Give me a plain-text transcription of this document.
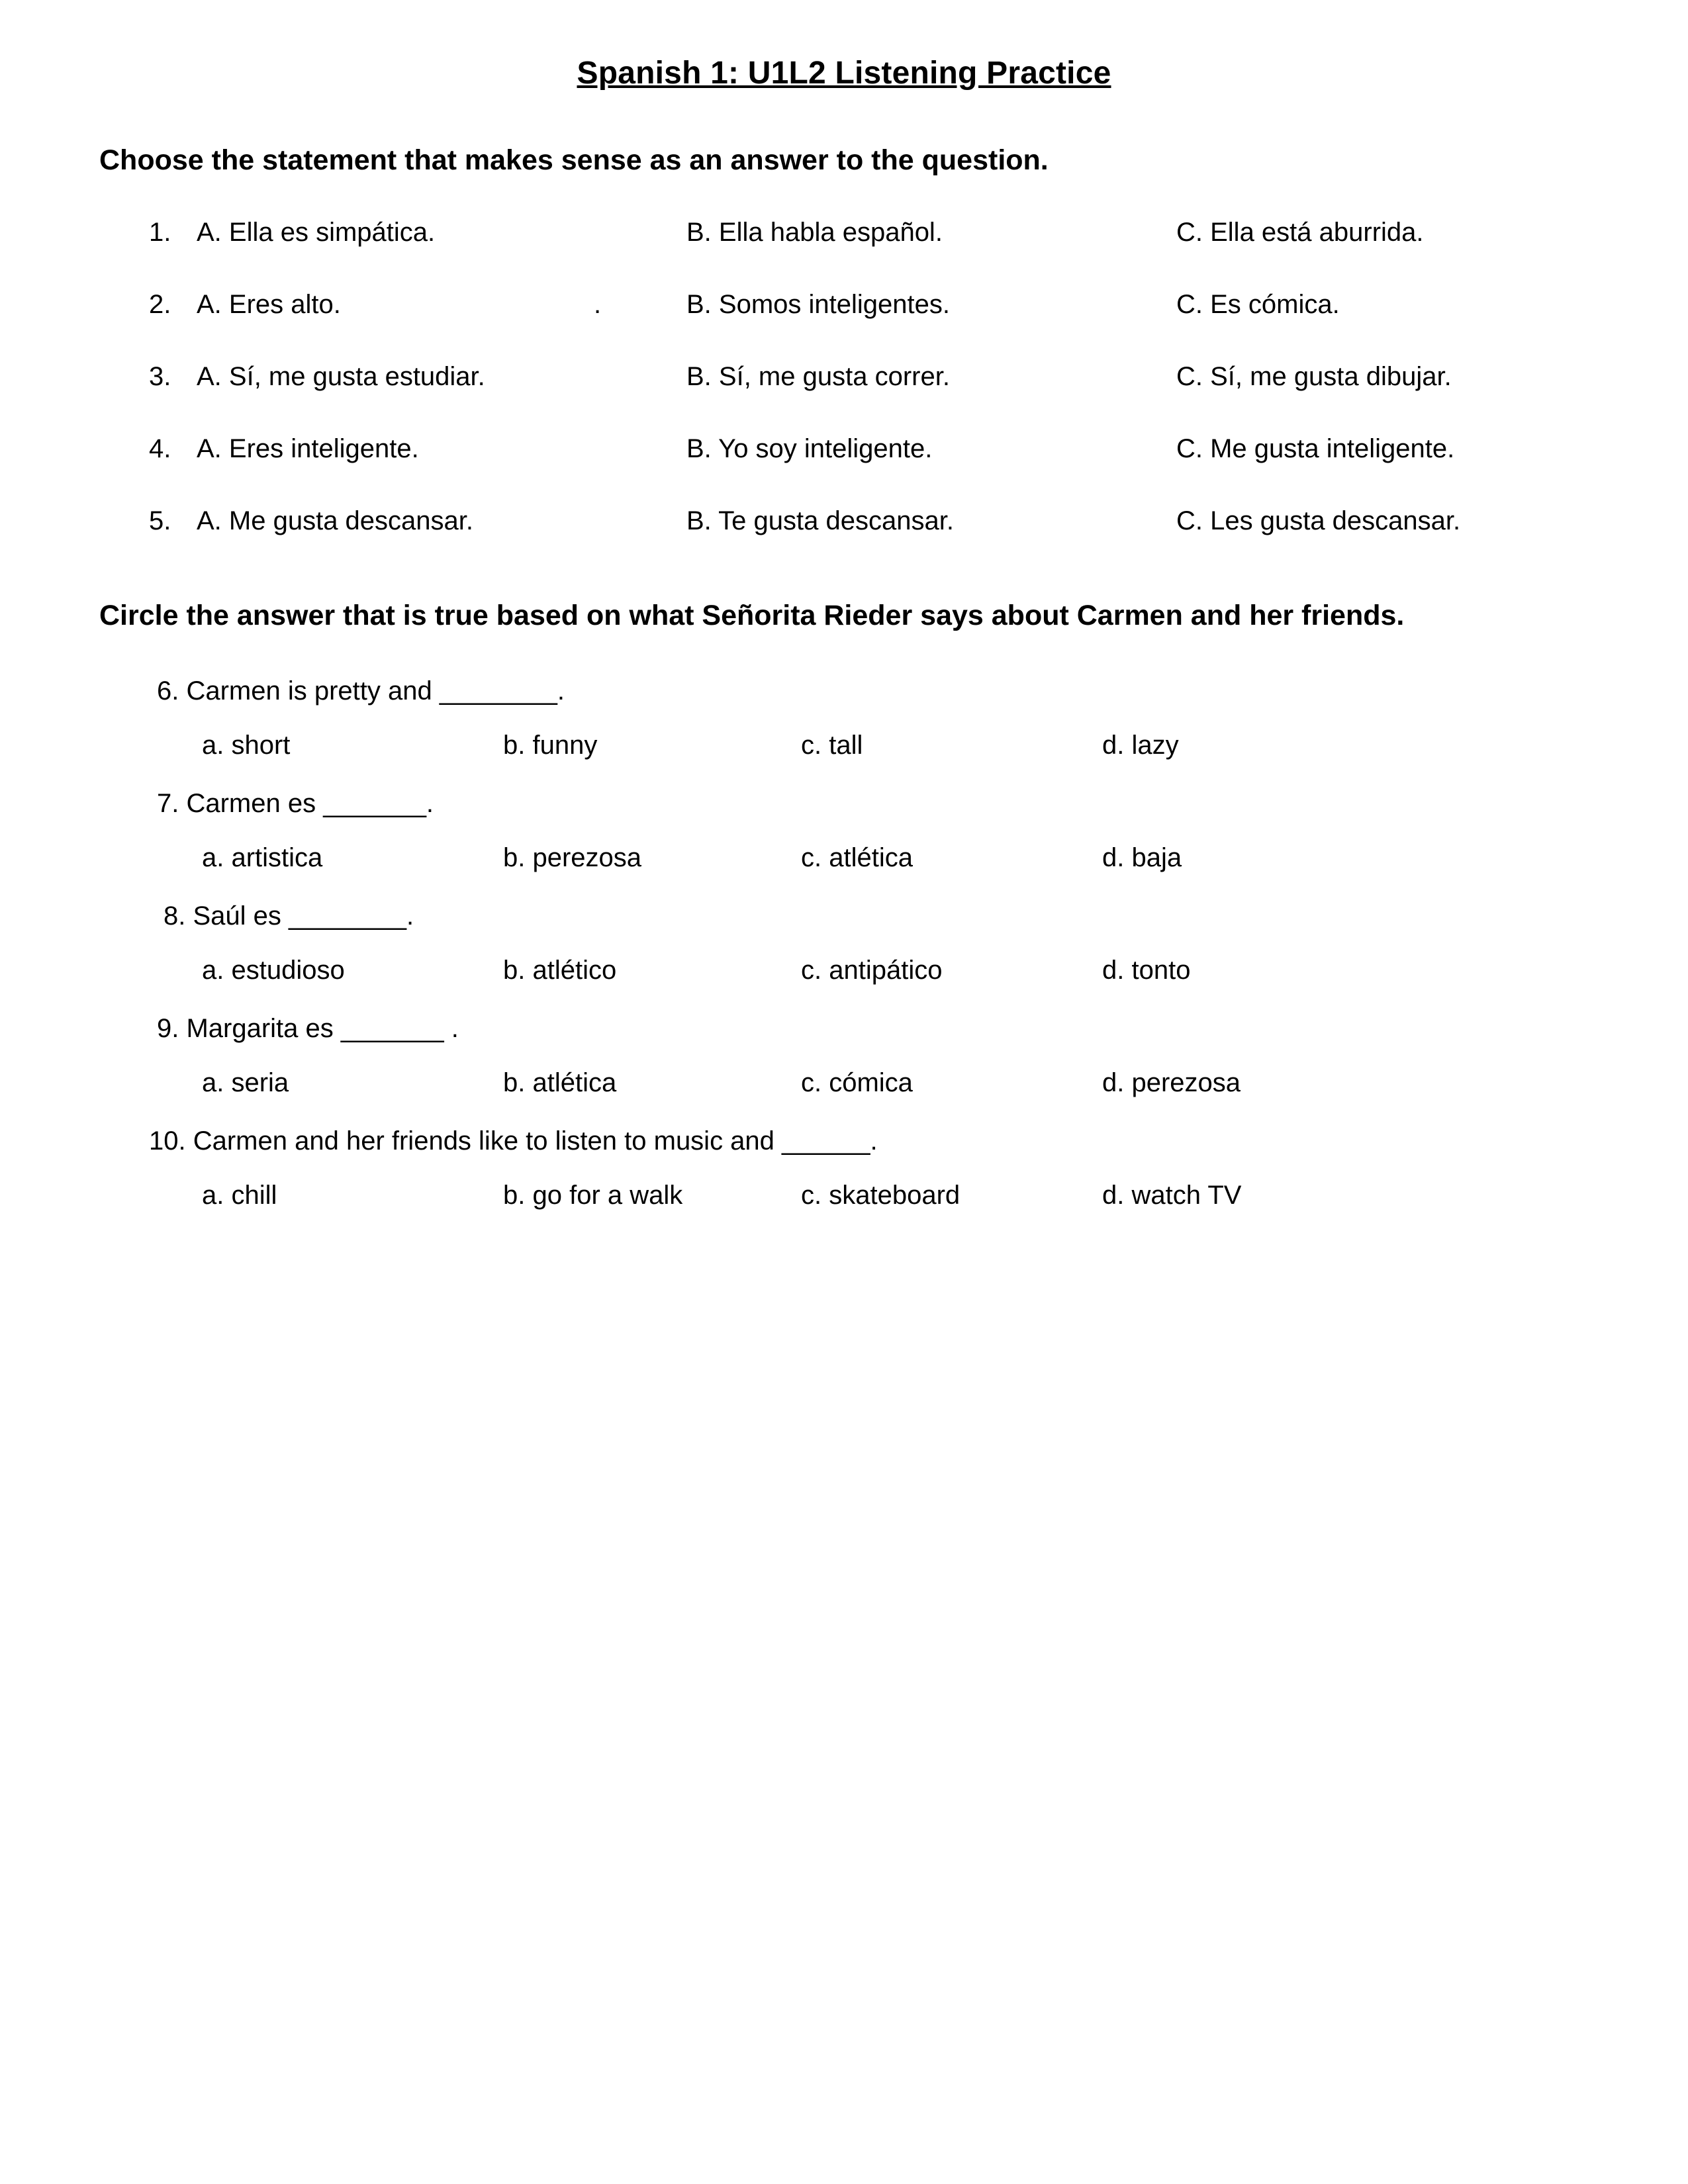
Spanish 1: U1L2 Listening Practice
Choose the statement that makes sense as an answer to the question.
1. A. Ella es simpática.	B. Ella habla español.	C. Ella está aburrida.
2. A. Eres alto.	.	B. Somos inteligentes.	C. Es cómica.
3. A. Sí, me gusta estudiar.	B. Sí, me gusta correr.	C. Sí, me gusta dibujar.
4. A. Eres inteligente.	B. Yo soy inteligente.	C. Me gusta inteligente.
5. A. Me gusta descansar.	B. Te gusta descansar.	C. Les gusta descansar.
Circle the answer that is true based on what Señorita Rieder says about Carmen and her friends.
6. Carmen is pretty and ________.
a. short	b. funny	c. tall	d. lazy
7. Carmen es _______.
a. artistica	b. perezosa	c. atlética	d. baja
8. Saúl es ________.
a. estudioso	b. atlético	c. antipático	d. tonto
9. Margarita es _______ .
a. seria	b. atlética	c. cómica	d. perezosa
10. Carmen and her friends like to listen to music and ______.
a. chill	b. go for a walk	c. skateboard	d. watch TV
